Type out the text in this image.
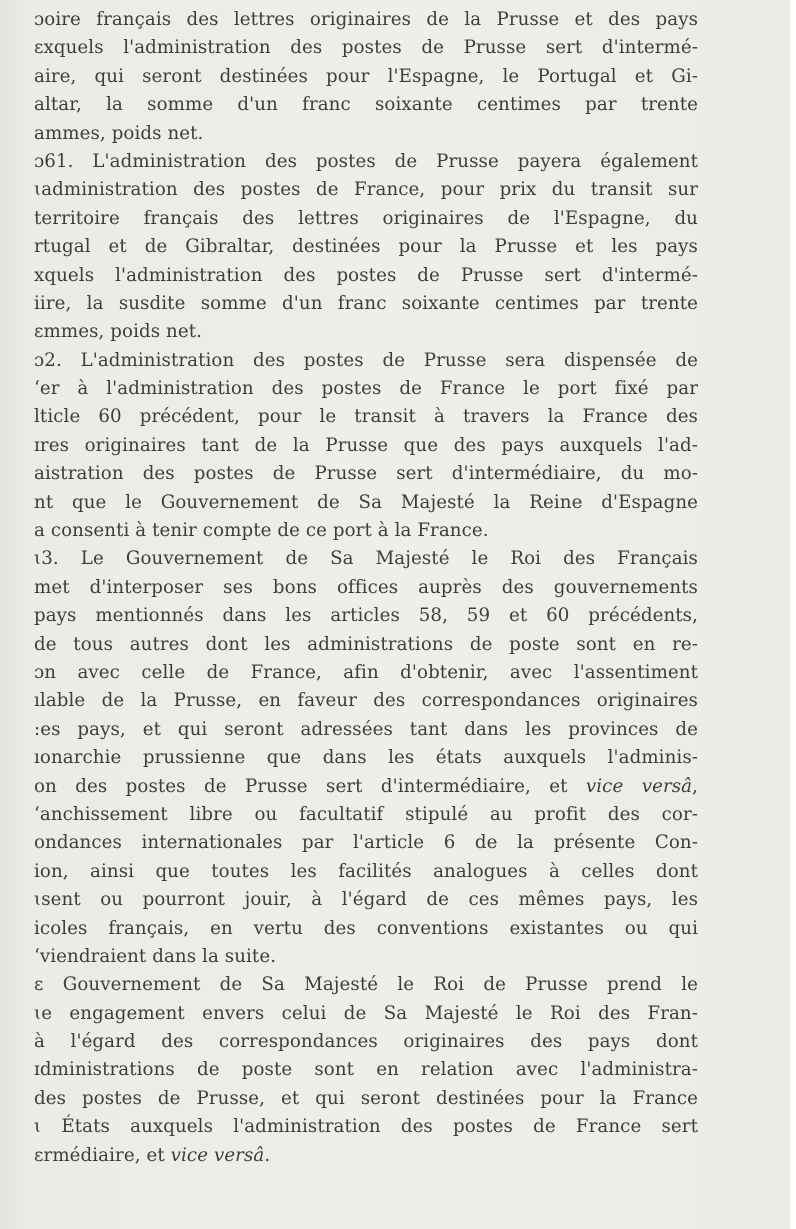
ɔoire français des lettres originaires de la Prusse et des pays
ɛxquels l'administration des postes de Prusse sert d'intermé-
aire, qui seront destinées pour l'Espagne, le Portugal et Gi-
altar, la somme d'un franc soixante centimes par trente
ammes, poids net.
ɔ61. L'administration des postes de Prusse payera également
ɩadministration des postes de France, pour prix du transit sur
territoire français des lettres originaires de l'Espagne, du
rtugal et de Gibraltar, destinées pour la Prusse et les pays
xquels l'administration des postes de Prusse sert d'intermé-
iire, la susdite somme d'un franc soixante centimes par trente
ɛmmes, poids net.
ɔ2. L'administration des postes de Prusse sera dispensée de
ʻer à l'administration des postes de France le port fixé par
lticle 60 précédent, pour le transit à travers la France des
ɪres originaires tant de la Prusse que des pays auxquels l'ad-
aistration des postes de Prusse sert d'intermédiaire, du mo-
nt que le Gouvernement de Sa Majesté la Reine d'Espagne
a consenti à tenir compte de ce port à la France.
ɩ3. Le Gouvernement de Sa Majesté le Roi des Français
met d'interposer ses bons offices auprès des gouvernements
pays mentionnés dans les articles 58, 59 et 60 précédents,
de tous autres dont les administrations de poste sont en re-
ɔn avec celle de France, afin d'obtenir, avec l'assentiment
ılable de la Prusse, en faveur des correspondances originaires
:es pays, et qui seront adressées tant dans les provinces de
ıonarchie prussienne que dans les états auxquels l'adminis-
on des postes de Prusse sert d'intermédiaire, et vice versâ,
ʻanchissement libre ou facultatif stipulé au profit des cor-
ondances internationales par l'article 6 de la présente Con-
ion, ainsi que toutes les facilités analogues à celles dont
ɩsent ou pourront jouir, à l'égard de ces mêmes pays, les
icoles français, en vertu des conventions existantes ou qui
ʻviendraient dans la suite.
ɛ Gouvernement de Sa Majesté le Roi de Prusse prend le
ɩe engagement envers celui de Sa Majesté le Roi des Fran-
à l'égard des correspondances originaires des pays dont
ɪdministrations de poste sont en relation avec l'administra-
des postes de Prusse, et qui seront destinées pour la France
ɩ États auxquels l'administration des postes de France sert
ɛrmédiaire, et vice versâ.
